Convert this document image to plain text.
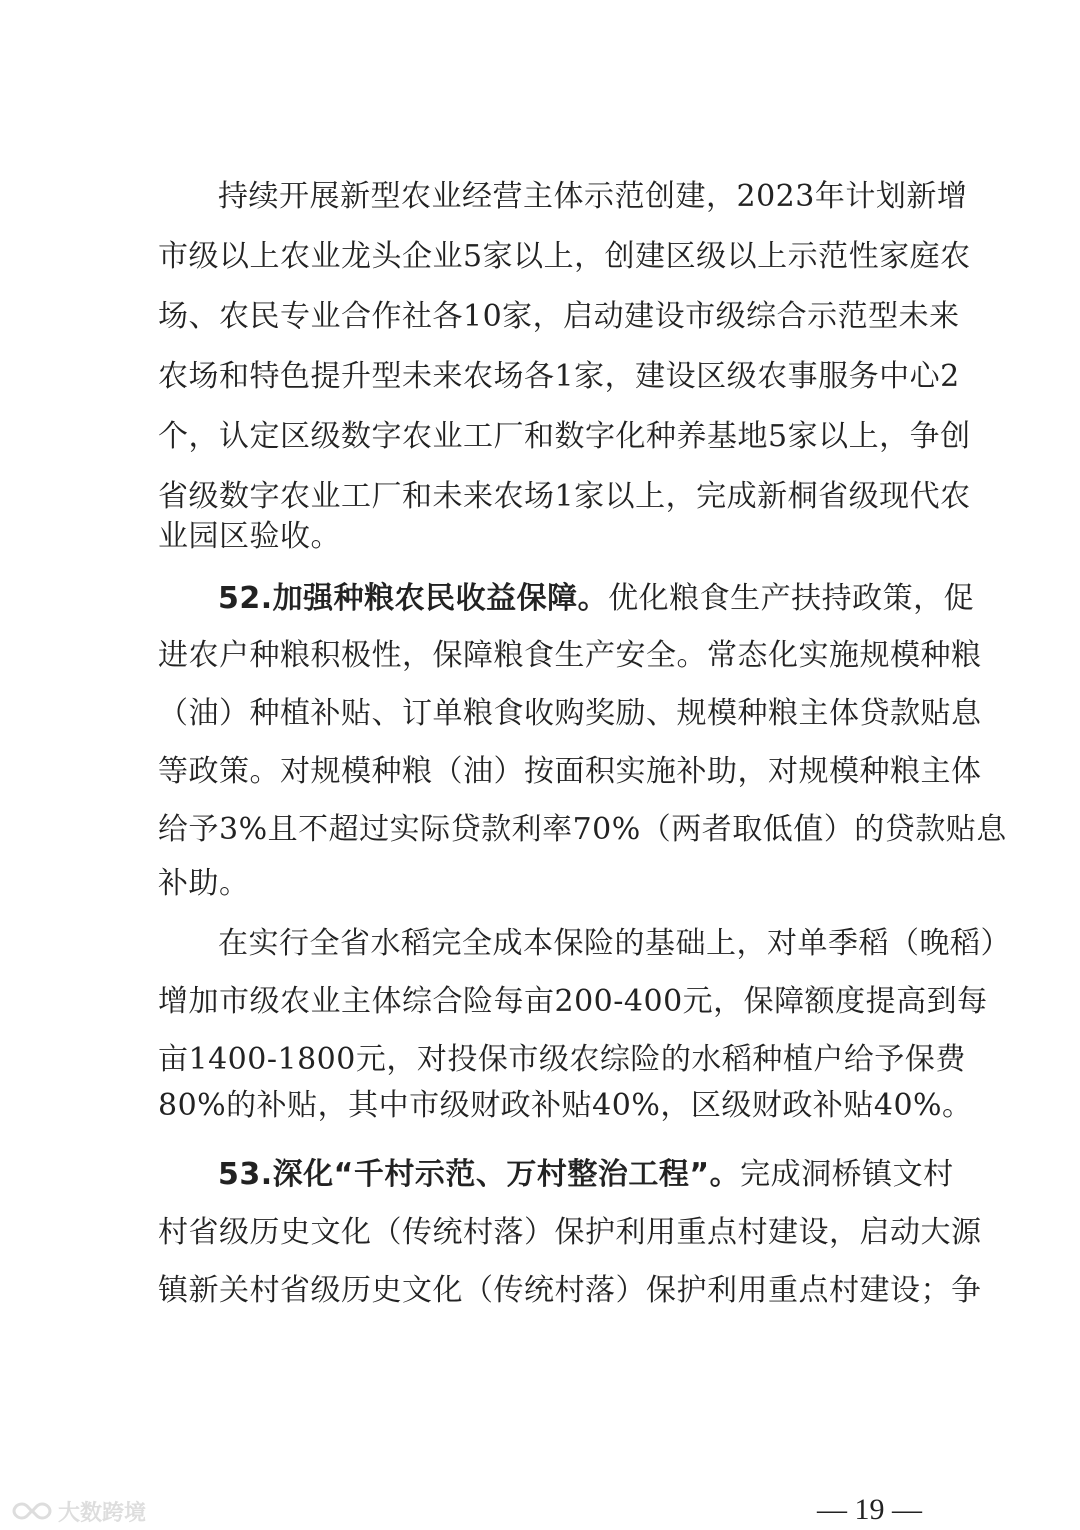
持续开展新型农业经营主体示范创建，2023年计划新增
市级以上农业龙头企业5家以上，创建区级以上示范性家庭农
场、农民专业合作社各10家，启动建设市级综合示范型未来
农场和特色提升型未来农场各1家，建设区级农事服务中心2
个，认定区级数字农业工厂和数字化种养基地5家以上，争创
省级数字农业工厂和未来农场1家以上，完成新桐省级现代农
业园区验收。
52.加强种粮农民收益保障。优化粮食生产扶持政策，促
进农户种粮积极性，保障粮食生产安全。常态化实施规模种粮
（油）种植补贴、订单粮食收购奖励、规模种粮主体贷款贴息
等政策。对规模种粮（油）按面积实施补助，对规模种粮主体
给予3%且不超过实际贷款利率70%（两者取低值）的贷款贴息
补助。
在实行全省水稻完全成本保险的基础上，对单季稻（晚稻）
增加市级农业主体综合险每亩200-400元，保障额度提高到每
亩1400-1800元，对投保市级农综险的水稻种植户给予保费
80%的补贴，其中市级财政补贴40%，区级财政补贴40%。
53.深化“千村示范、万村整治工程”。完成洞桥镇文村
村省级历史文化（传统村落）保护利用重点村建设，启动大源
镇新关村省级历史文化（传统村落）保护利用重点村建设；争
— 19 —
大数跨境
